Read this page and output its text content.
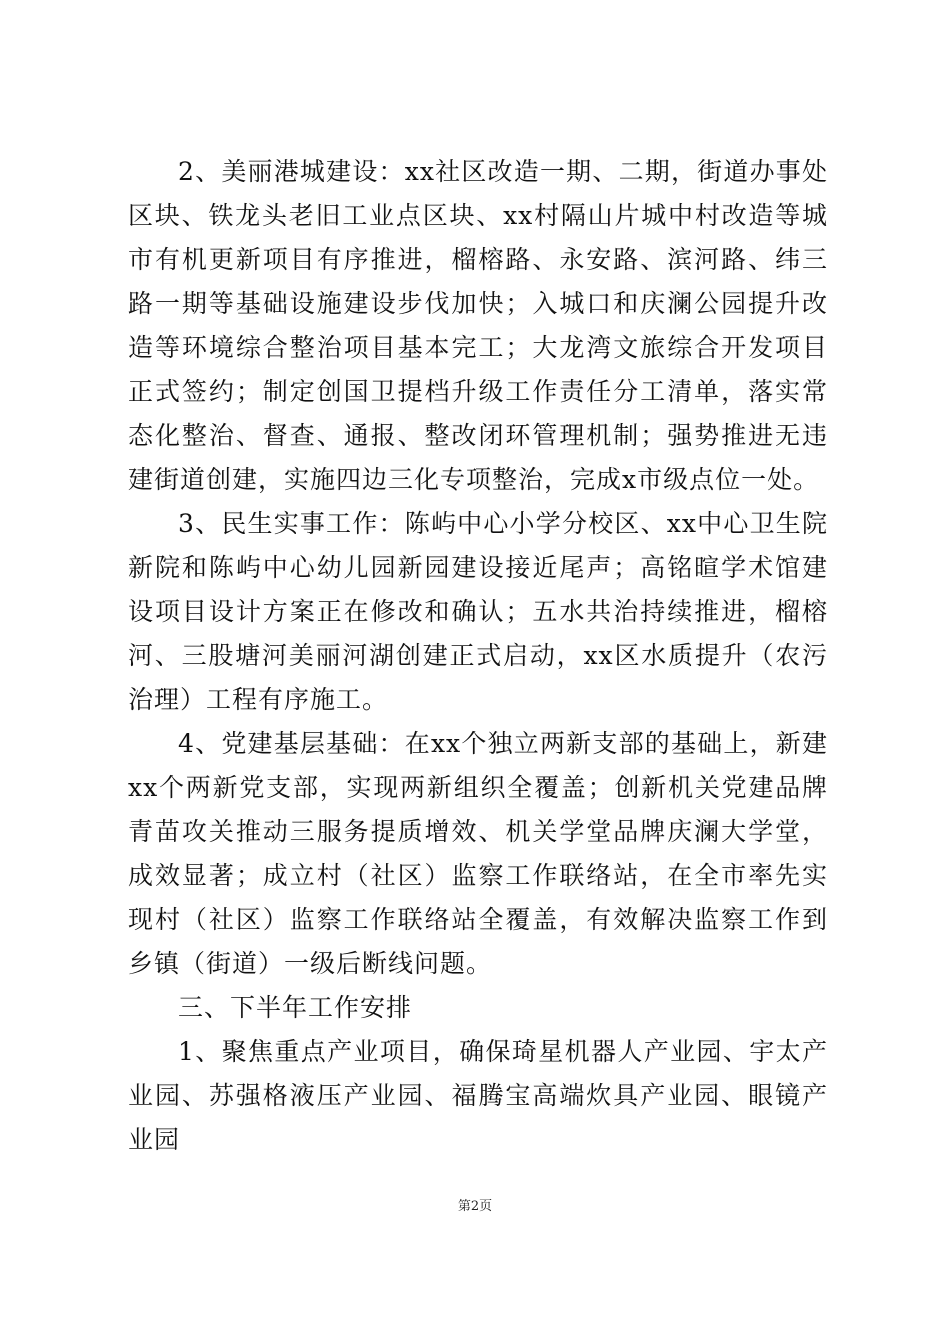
2、美丽港城建设：xx社区改造一期、二期，街道办事处区块、铁龙头老旧工业点区块、xx村隔山片城中村改造等城市有机更新项目有序推进，榴榕路、永安路、滨河路、纬三路一期等基础设施建设步伐加快；入城口和庆澜公园提升改造等环境综合整治项目基本完工；大龙湾文旅综合开发项目正式签约；制定创国卫提档升级工作责任分工清单，落实常态化整治、督查、通报、整改闭环管理机制；强势推进无违建街道创建，实施四边三化专项整治，完成x市级点位一处。

3、民生实事工作：陈屿中心小学分校区、xx中心卫生院新院和陈屿中心幼儿园新园建设接近尾声；高铭暄学术馆建设项目设计方案正在修改和确认；五水共治持续推进，榴榕河、三股塘河美丽河湖创建正式启动，xx区水质提升（农污治理）工程有序施工。

4、党建基层基础：在xx个独立两新支部的基础上，新建xx个两新党支部，实现两新组织全覆盖；创新机关党建品牌青苗攻关推动三服务提质增效、机关学堂品牌庆澜大学堂，成效显著；成立村（社区）监察工作联络站，在全市率先实现村（社区）监察工作联络站全覆盖，有效解决监察工作到乡镇（街道）一级后断线问题。

三、下半年工作安排

1、聚焦重点产业项目，确保琦星机器人产业园、宇太产业园、苏强格液压产业园、福腾宝高端炊具产业园、眼镜产业园

第2页
